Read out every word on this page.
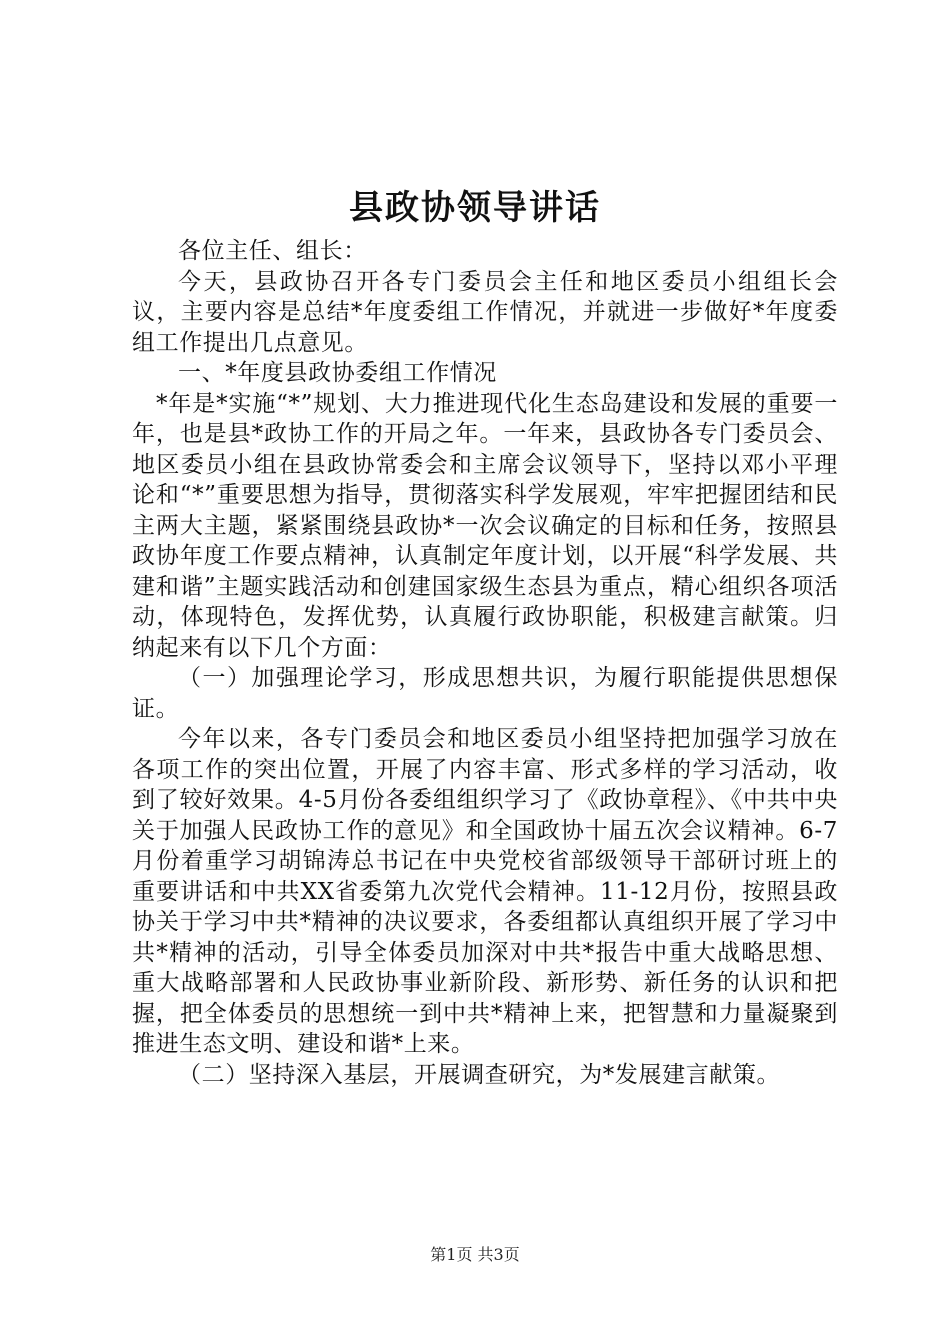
县政协领导讲话

各位主任、组长：

今天，县政协召开各专门委员会主任和地区委员小组组长会议，主要内容是总结*年度委组工作情况，并就进一步做好*年度委组工作提出几点意见。

一、*年度县政协委组工作情况

*年是*实施“*”规划、大力推进现代化生态岛建设和发展的重要一年，也是县*政协工作的开局之年。一年来，县政协各专门委员会、地区委员小组在县政协常委会和主席会议领导下，坚持以邓小平理论和“*”重要思想为指导，贯彻落实科学发展观，牢牢把握团结和民主两大主题，紧紧围绕县政协*一次会议确定的目标和任务，按照县政协年度工作要点精神，认真制定年度计划，以开展“科学发展、共建和谐”主题实践活动和创建国家级生态县为重点，精心组织各项活动，体现特色，发挥优势，认真履行政协职能，积极建言献策。归纳起来有以下几个方面：

（一）加强理论学习，形成思想共识，为履行职能提供思想保证。

今年以来，各专门委员会和地区委员小组坚持把加强学习放在各项工作的突出位置，开展了内容丰富、形式多样的学习活动，收到了较好效果。4-5月份各委组组织学习了《政协章程》、《中共中央关于加强人民政协工作的意见》和全国政协十届五次会议精神。6-7月份着重学习胡锦涛总书记在中央党校省部级领导干部研讨班上的重要讲话和中共XX省委第九次党代会精神。11-12月份，按照县政协关于学习中共*精神的决议要求，各委组都认真组织开展了学习中共*精神的活动，引导全体委员加深对中共*报告中重大战略思想、重大战略部署和人民政协事业新阶段、新形势、新任务的认识和把握，把全体委员的思想统一到中共*精神上来，把智慧和力量凝聚到推进生态文明、建设和谐*上来。

（二）坚持深入基层，开展调查研究，为*发展建言献策。

第1页 共3页
